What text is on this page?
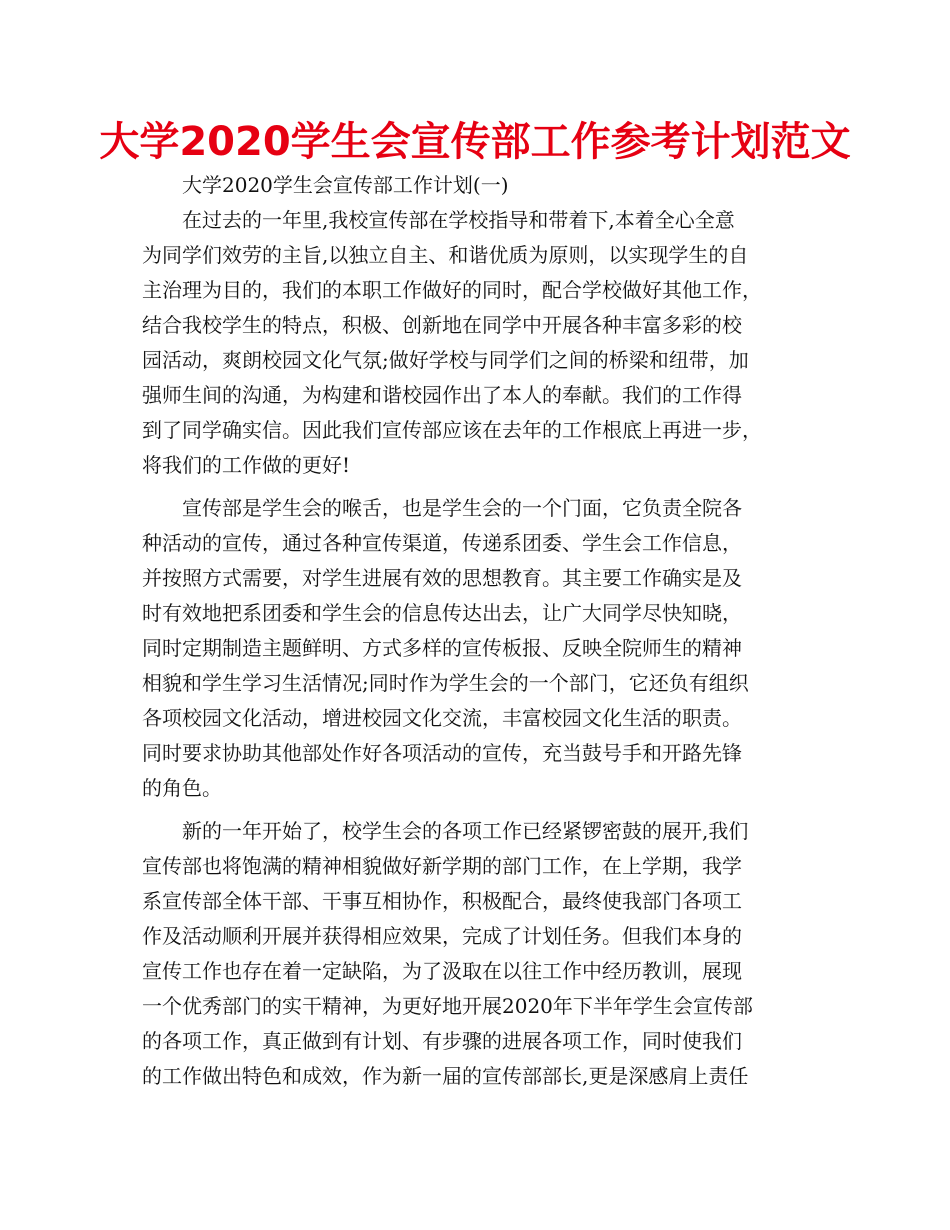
大学2020学生会宣传部工作参考计划范文
大学2020学生会宣传部工作计划(一)
在过去的一年里,我校宣传部在学校指导和带着下,本着全心全意
为同学们效劳的主旨,以独立自主、和谐优质为原则，以实现学生的自
主治理为目的，我们的本职工作做好的同时，配合学校做好其他工作，
结合我校学生的特点，积极、创新地在同学中开展各种丰富多彩的校
园活动，爽朗校园文化气氛;做好学校与同学们之间的桥梁和纽带，加
强师生间的沟通，为构建和谐校园作出了本人的奉献。我们的工作得
到了同学确实信。因此我们宣传部应该在去年的工作根底上再进一步，
将我们的工作做的更好!
宣传部是学生会的喉舌，也是学生会的一个门面，它负责全院各
种活动的宣传，通过各种宣传渠道，传递系团委、学生会工作信息，
并按照方式需要，对学生进展有效的思想教育。其主要工作确实是及
时有效地把系团委和学生会的信息传达出去，让广大同学尽快知晓，
同时定期制造主题鲜明、方式多样的宣传板报、反映全院师生的精神
相貌和学生学习生活情况;同时作为学生会的一个部门，它还负有组织
各项校园文化活动，增进校园文化交流，丰富校园文化生活的职责。
同时要求协助其他部处作好各项活动的宣传，充当鼓号手和开路先锋
的角色。
新的一年开始了，校学生会的各项工作已经紧锣密鼓的展开,我们
宣传部也将饱满的精神相貌做好新学期的部门工作，在上学期，我学
系宣传部全体干部、干事互相协作，积极配合，最终使我部门各项工
作及活动顺利开展并获得相应效果，完成了计划任务。但我们本身的
宣传工作也存在着一定缺陷，为了汲取在以往工作中经历教训，展现
一个优秀部门的实干精神，为更好地开展2020年下半年学生会宣传部
的各项工作，真正做到有计划、有步骤的进展各项工作，同时使我们
的工作做出特色和成效，作为新一届的宣传部部长,更是深感肩上责任
